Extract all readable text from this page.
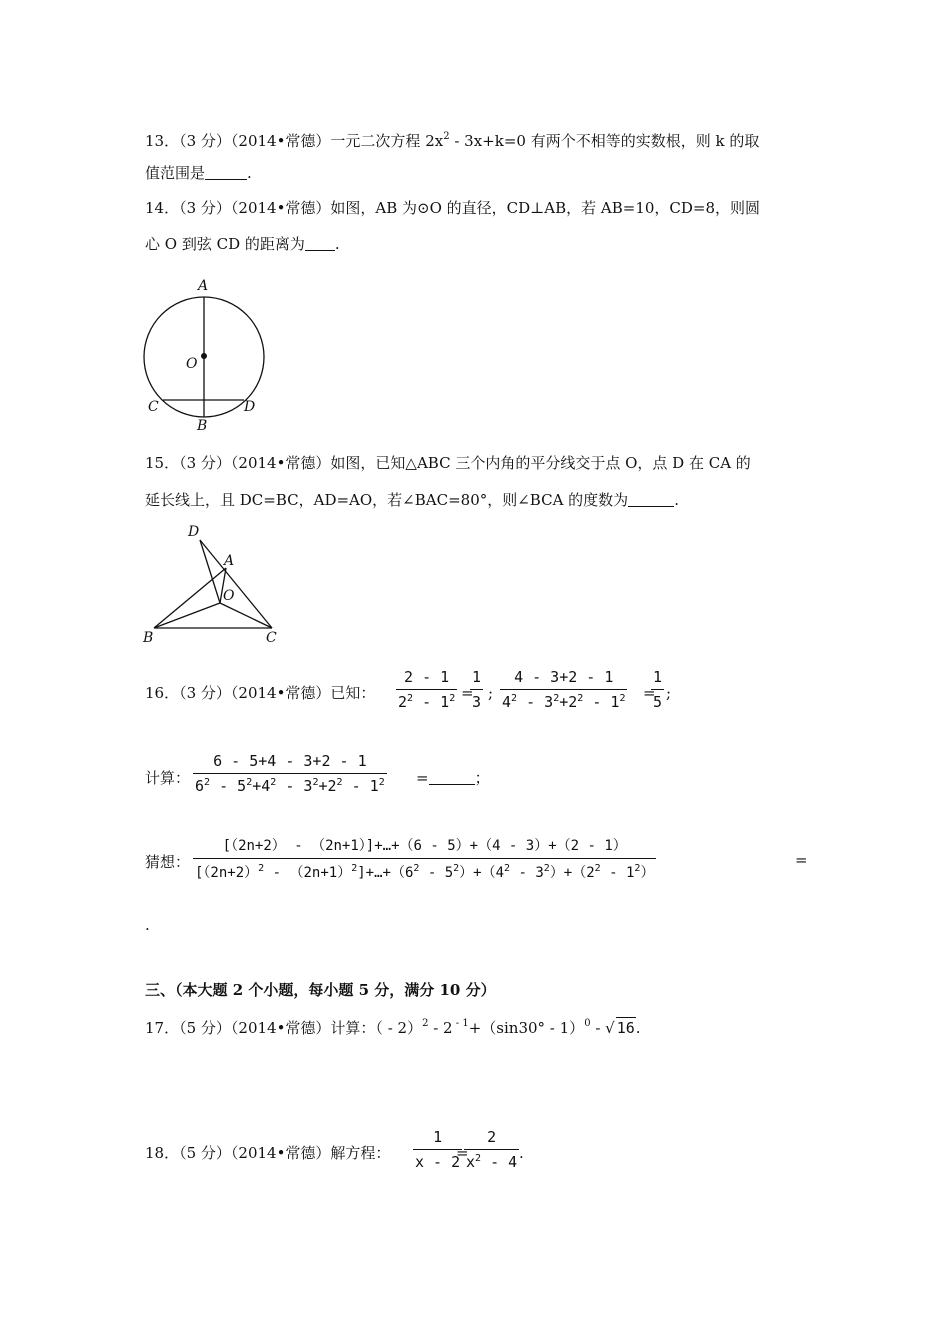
13．（3 分）（2014•常德）一元二次方程 $2x^2 - 3x+k=0$ 有两个不相等的实数根，则 k 的取
值范围是	.
14．（3 分）（2014•常德）如图，AB 为⊙O 的直径，CD⊥AB，若 AB=10，CD=8，则圆
心 O 到弦 CD 的距离为 .
A
O
C
B
D
15．（3 分）（2014•常德）如图，已知△ABC 三个内角的平分线交于点 O，点 D 在 CA 的
延长线上，且 DC=BC，AD=AO，若∠BAC=80°，则∠BCA 的度数为	.
D
A
O
B	C
16．（3 分）（2014•常德）已知： $\frac{2 - 1}{2^2 - 1^2}$ =
$\frac{1}{3}$ ; $\frac{4 - 3+2 - 1}{4^2 - 3^2+2^2 - 1^2}$ =
$\frac{1}{5}$ ;
计算： $\frac{6 - 5+4 - 3+2 - 1}{6^2 - 5^2+4^2 - 3^2+2^2 - 1^2}$ =	；
猜想： $\frac{[(2n+2) - (2n+1)]+\dots+(6 - 5)+(4 - 3)+(2 - 1)}{[(2n+2)^2 - (2n+1)^2]+\dots+(6^2 - 5^2)+(4^2 - 3^2)+(2^2 - 1^2)}$	=
.
三、（本大题 2 个小题，每小题 5 分，满分 10 分）
17．（5 分）（2014•常德）计算：（ - 2）$^2$ - 2 $^{- 1}$+（sin30° - 1）$^0$ - √ 16.
18．（5 分）（2014•常德）解方程： $\frac{1}{x - 2}$
=
$\frac{2}{x^2 - 4}$ .
